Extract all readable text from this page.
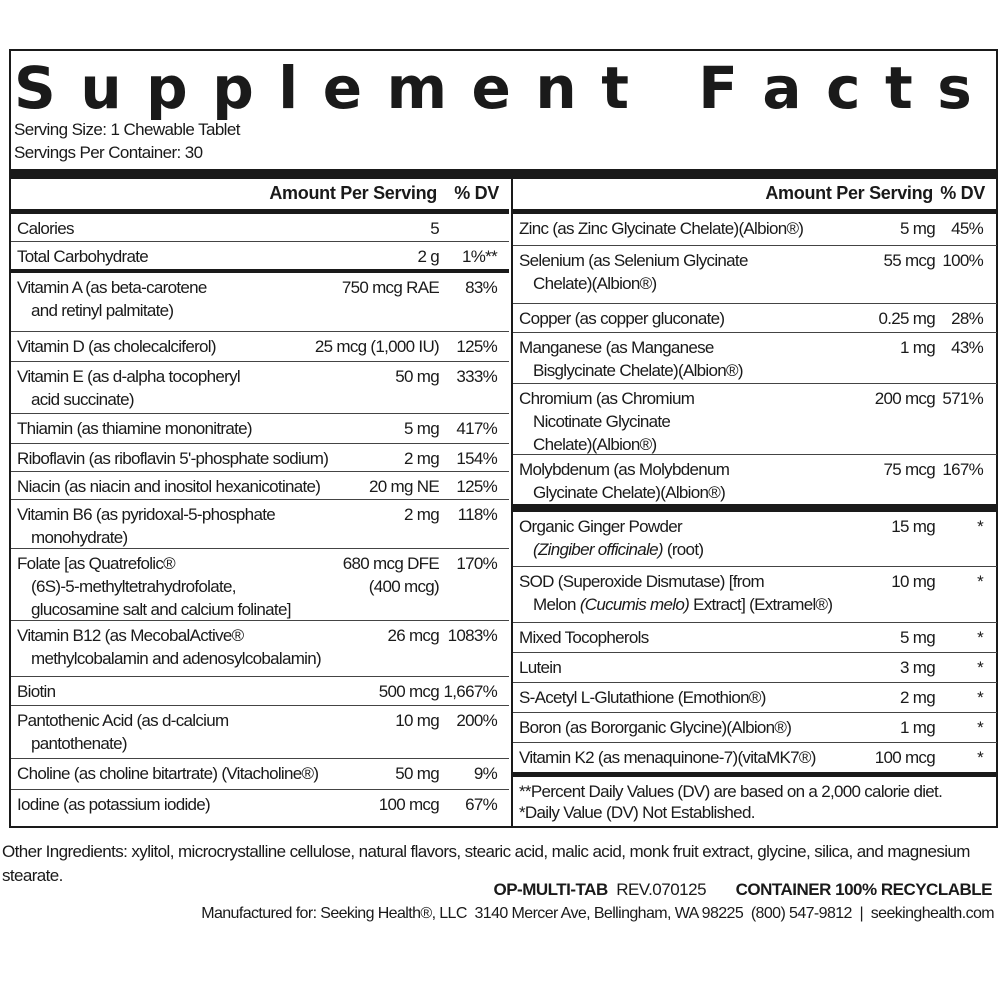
S u p p l e m e n t
F a c t s
Serving Size: 1 Chewable Tablet
Servings Per Container: 30
Amount Per Serving % DV
Calories	5
Total Carbohydrate	2 g 1%**
Vitamin A (as beta-carotene
and retinyl palmitate)
750 mcg RAE 83%
Vitamin D (as cholecalciferol)	25 mcg (1,000 IU) 125%
Vitamin E (as d-alpha tocopheryl
acid succinate)
50 mg 333%
Thiamin (as thiamine mononitrate)	5 mg 417%
Riboflavin (as riboflavin 5'-phosphate sodium)	2 mg 154%
Niacin (as niacin and inositol hexanicotinate)	20 mg NE 125%
Vitamin B6 (as pyridoxal-5-phosphate
monohydrate)
2 mg 118%
Folate [as Quatrefolic®
(6S)-5-methyltetrahydrofolate,
glucosamine salt and calcium folinate]
680 mcg DFE
(400 mcg)
170%
Vitamin B12 (as MecobalActive®
methylcobalamin and adenosylcobalamin)
26 mcg 1083%
Biotin	500 mcg 1,667%
Pantothenic Acid (as d-calcium
pantothenate)
10 mg 200%
Choline (as choline bitartrate) (Vitacholine®)	50 mg 9%
Iodine (as potassium iodide)	100 mcg 67%
Amount Per Serving % DV
Zinc (as Zinc Glycinate Chelate)(Albion®)	5 mg 45%
Selenium (as Selenium Glycinate
Chelate)(Albion®)
55 mcg 100%
Copper (as copper gluconate)	0.25 mg 28%
Manganese (as Manganese
Bisglycinate Chelate)(Albion®)
1 mg 43%
Chromium (as Chromium
Nicotinate Glycinate
Chelate)(Albion®)
200 mcg 571%
Molybdenum (as Molybdenum
Glycinate Chelate)(Albion®)
75 mcg 167%
Organic Ginger Powder
(Zingiber officinale) (root)
15 mg *
SOD (Superoxide Dismutase) [from
Melon (Cucumis melo) Extract] (Extramel®)
10 mg *
Mixed Tocopherols	5 mg *
Lutein	3 mg *
S-Acetyl L-Glutathione (Emothion®)	2 mg *
Boron (as Bororganic Glycine)(Albion®)	1 mg *
Vitamin K2 (as menaquinone-7)(vitaMK7®)	100 mcg *
**Percent Daily Values (DV) are based on a 2,000 calorie diet.
*Daily Value (DV) Not Established.
Other Ingredients: xylitol, microcrystalline cellulose, natural flavors, stearic acid, malic acid, monk fruit extract, glycine, silica, and magnesium stearate.
OP-MULTI-TAB REV.070125 CONTAINER 100% RECYCLABLE
Manufactured for: Seeking Health®, LLC  3140 Mercer Ave, Bellingham, WA 98225  (800) 547-9812  |  seekinghealth.com
